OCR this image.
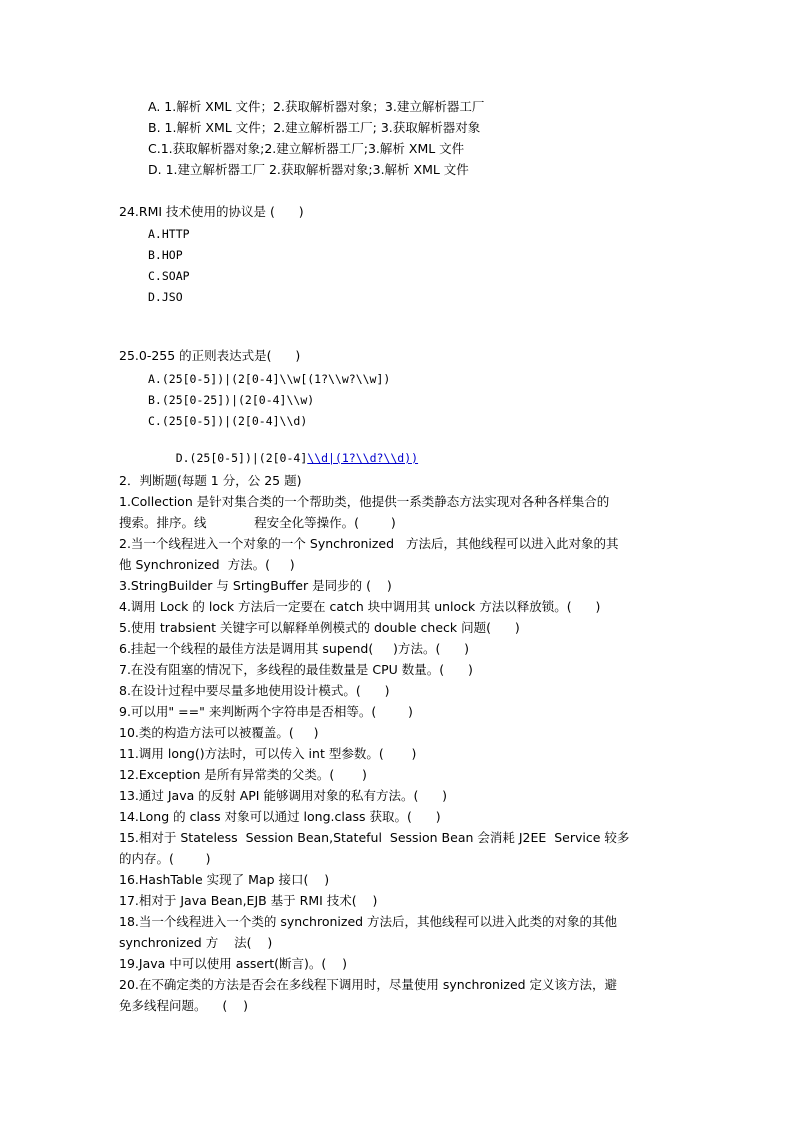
A. 1.解析 XML 文件；2.获取解析器对象；3.建立解析器工厂
B. 1.解析 XML 文件；2.建立解析器工厂; 3.获取解析器对象
C.1.获取解析器对象;2.建立解析器工厂;3.解析 XML 文件
D. 1.建立解析器工厂 2.获取解析器对象;3.解析 XML 文件
24.RMI 技术使用的协议是 (      )
A.HTTP
B.HOP
C.SOAP
D.JSO
25.0-255 的正则表达式是(      )
A.(25[0-5])|(2[0-4]\\w[(1?\\w?\\w])
B.(25[0-25])|(2[0-4]\\w)
C.(25[0-5])|(2[0-4]\\d)

D.(25[0-5])|(2[0-4]\\d|(1?\\d?\\d))

2．判断题(每题 1 分，公 25 题)
1.Collection 是针对集合类的一个帮助类，他提供一系类静态方法实现对各种各样集合的
搜索。排序。线            程安全化等操作。(        )
2.当一个线程进入一个对象的一个 Synchronized   方法后，其他线程可以进入此对象的其
他 Synchronized  方法。(     )
3.StringBuilder 与 SrtingBuffer 是同步的 (    )
4.调用 Lock 的 lock 方法后一定要在 catch 块中调用其 unlock 方法以释放锁。(      )
5.使用 trabsient 关键字可以解释单例模式的 double check 问题(      )
6.挂起一个线程的最佳方法是调用其 supend(     )方法。(      )
7.在没有阻塞的情况下，多线程的最佳数量是 CPU 数量。(      )
8.在设计过程中要尽量多地使用设计模式。(      )
9.可以用" ==" 来判断两个字符串是否相等。(        )
10.类的构造方法可以被覆盖。(     )
11.调用 long()方法时，可以传入 int 型参数。(       )
12.Exception 是所有异常类的父类。(       )
13.通过 Java 的反射 API 能够调用对象的私有方法。(      )
14.Long 的 class 对象可以通过 long.class 获取。(      )
15.相对于 Stateless  Session Bean,Stateful  Session Bean 会消耗 J2EE  Service 较多
的内存。(        )
16.HashTable 实现了 Map 接口(    )
17.相对于 Java Bean,EJB 基于 RMI 技术(    )
18.当一个线程进入一个类的 synchronized 方法后，其他线程可以进入此类的对象的其他
synchronized 方    法(    )
19.Java 中可以使用 assert(断言)。(    )
20.在不确定类的方法是否会在多线程下调用时，尽量使用 synchronized 定义该方法，避
免多线程问题。    (    )
